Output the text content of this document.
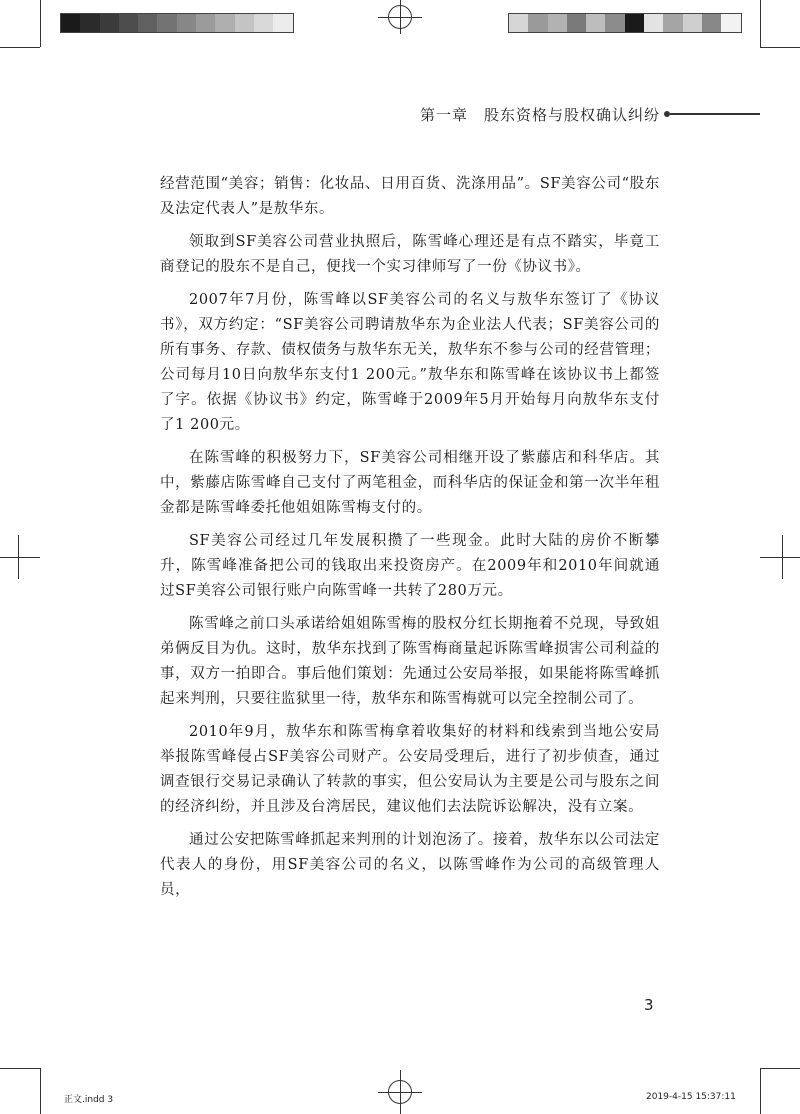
第一章　股东资格与股权确认纠纷

经营范围“美容；销售：化妆品、日用百货、洗涤用品”。SF美容公司“股东及法定代表人”是敖华东。

领取到SF美容公司营业执照后，陈雪峰心理还是有点不踏实，毕竟工商登记的股东不是自己，便找一个实习律师写了一份《协议书》。

2007年7月份，陈雪峰以SF美容公司的名义与敖华东签订了《协议书》，双方约定：“SF美容公司聘请敖华东为企业法人代表；SF美容公司的所有事务、存款、债权债务与敖华东无关，敖华东不参与公司的经营管理；公司每月10日向敖华东支付1 200元。”敖华东和陈雪峰在该协议书上都签了字。依据《协议书》约定，陈雪峰于2009年5月开始每月向敖华东支付了1 200元。

在陈雪峰的积极努力下，SF美容公司相继开设了紫藤店和科华店。其中，紫藤店陈雪峰自己支付了两笔租金，而科华店的保证金和第一次半年租金都是陈雪峰委托他姐姐陈雪梅支付的。

SF美容公司经过几年发展积攒了一些现金。此时大陆的房价不断攀升，陈雪峰准备把公司的钱取出来投资房产。在2009年和2010年间就通过SF美容公司银行账户向陈雪峰一共转了280万元。

陈雪峰之前口头承诺给姐姐陈雪梅的股权分红长期拖着不兑现，导致姐弟俩反目为仇。这时，敖华东找到了陈雪梅商量起诉陈雪峰损害公司利益的事，双方一拍即合。事后他们策划：先通过公安局举报，如果能将陈雪峰抓起来判刑，只要往监狱里一待，敖华东和陈雪梅就可以完全控制公司了。

2010年9月，敖华东和陈雪梅拿着收集好的材料和线索到当地公安局举报陈雪峰侵占SF美容公司财产。公安局受理后，进行了初步侦查，通过调查银行交易记录确认了转款的事实，但公安局认为主要是公司与股东之间的经济纠纷，并且涉及台湾居民，建议他们去法院诉讼解决，没有立案。

通过公安把陈雪峰抓起来判刑的计划泡汤了。接着，敖华东以公司法定代表人的身份，用SF美容公司的名义，以陈雪峰作为公司的高级管理人员，

3
正文.indd 3	2019-4-15 15:37:11
